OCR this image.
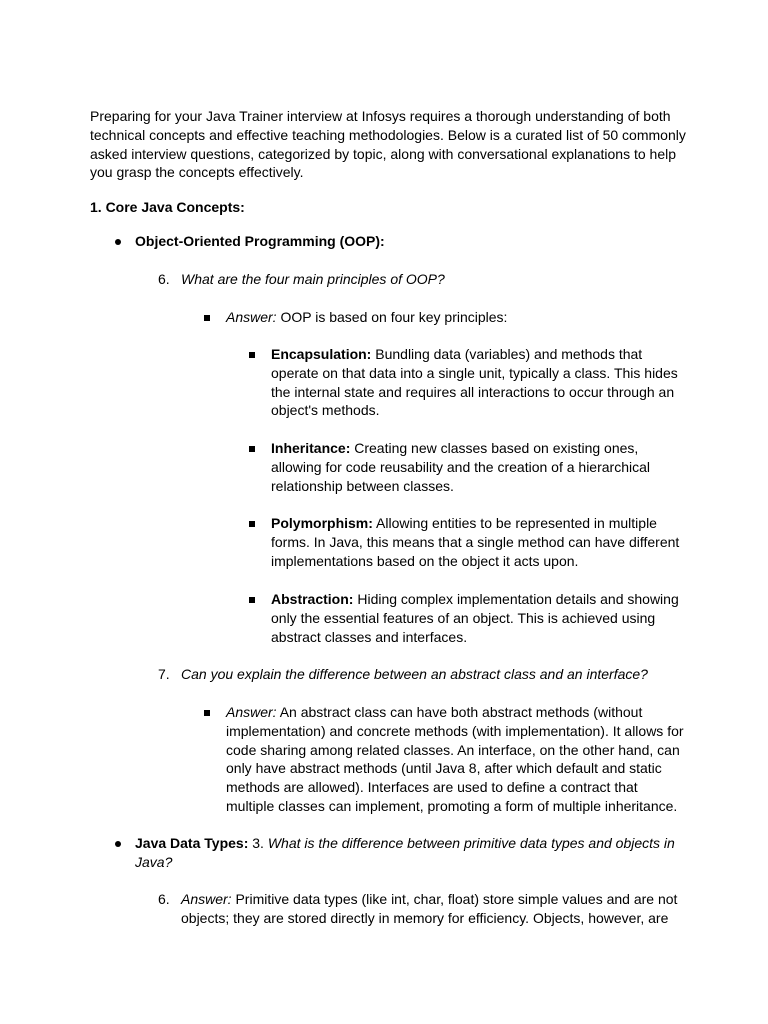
Preparing for your Java Trainer interview at Infosys requires a thorough understanding of both technical concepts and effective teaching methodologies. Below is a curated list of 50 commonly asked interview questions, categorized by topic, along with conversational explanations to help you grasp the concepts effectively.

1. Core Java Concepts:
Object-Oriented Programming (OOP):
6. What are the four main principles of OOP?
Answer: OOP is based on four key principles:
Encapsulation: Bundling data (variables) and methods that operate on that data into a single unit, typically a class. This hides the internal state and requires all interactions to occur through an object's methods.
Inheritance: Creating new classes based on existing ones, allowing for code reusability and the creation of a hierarchical relationship between classes.
Polymorphism: Allowing entities to be represented in multiple forms. In Java, this means that a single method can have different implementations based on the object it acts upon.
Abstraction: Hiding complex implementation details and showing only the essential features of an object. This is achieved using abstract classes and interfaces.
7. Can you explain the difference between an abstract class and an interface?
Answer: An abstract class can have both abstract methods (without implementation) and concrete methods (with implementation). It allows for code sharing among related classes. An interface, on the other hand, can only have abstract methods (until Java 8, after which default and static methods are allowed). Interfaces are used to define a contract that multiple classes can implement, promoting a form of multiple inheritance.
Java Data Types: 3. What is the difference between primitive data types and objects in Java?
6. Answer: Primitive data types (like int, char, float) store simple values and are not objects; they are stored directly in memory for efficiency. Objects, however, are
